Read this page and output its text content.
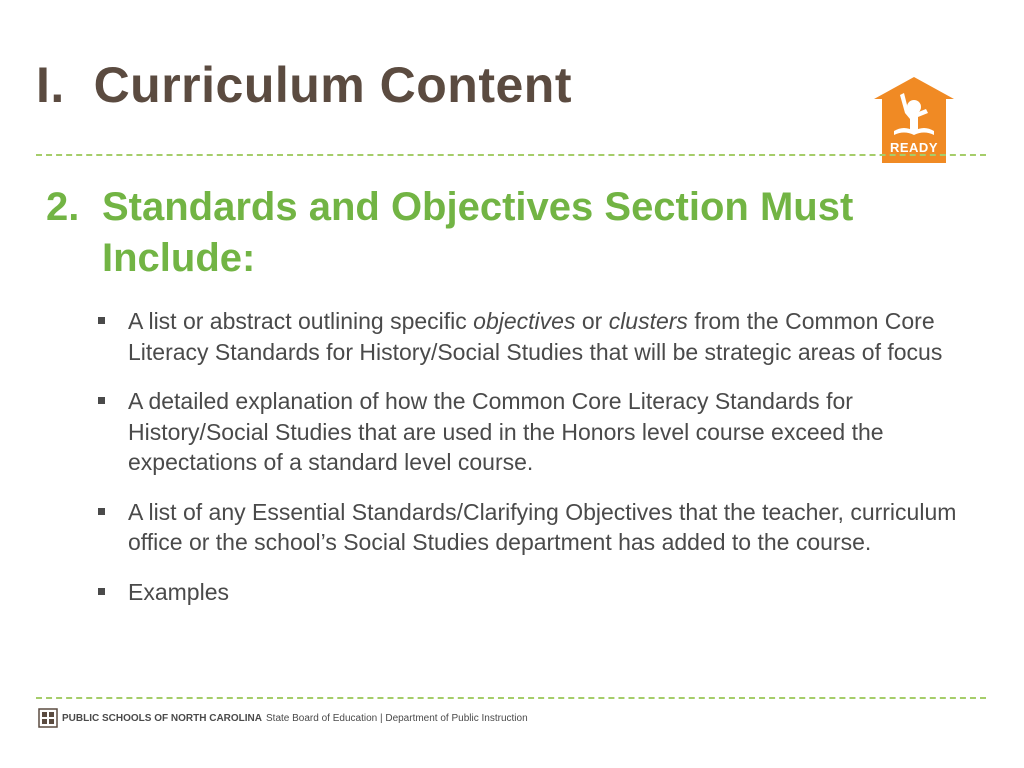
I.  Curriculum Content
READY
2. Standards and Objectives Section Must Include:
A list or abstract outlining specific objectives or clusters from the Common Core Literacy Standards for History/Social Studies that will be strategic areas of focus
A detailed explanation of how the Common Core Literacy Standards for History/Social Studies that are used in the Honors level course exceed the expectations of a standard level course.
A list of any Essential Standards/Clarifying Objectives that the teacher, curriculum office or the school’s Social Studies department has added to the course.
Examples
PUBLIC SCHOOLS OF NORTH CAROLINA State Board of Education | Department of Public Instruction
